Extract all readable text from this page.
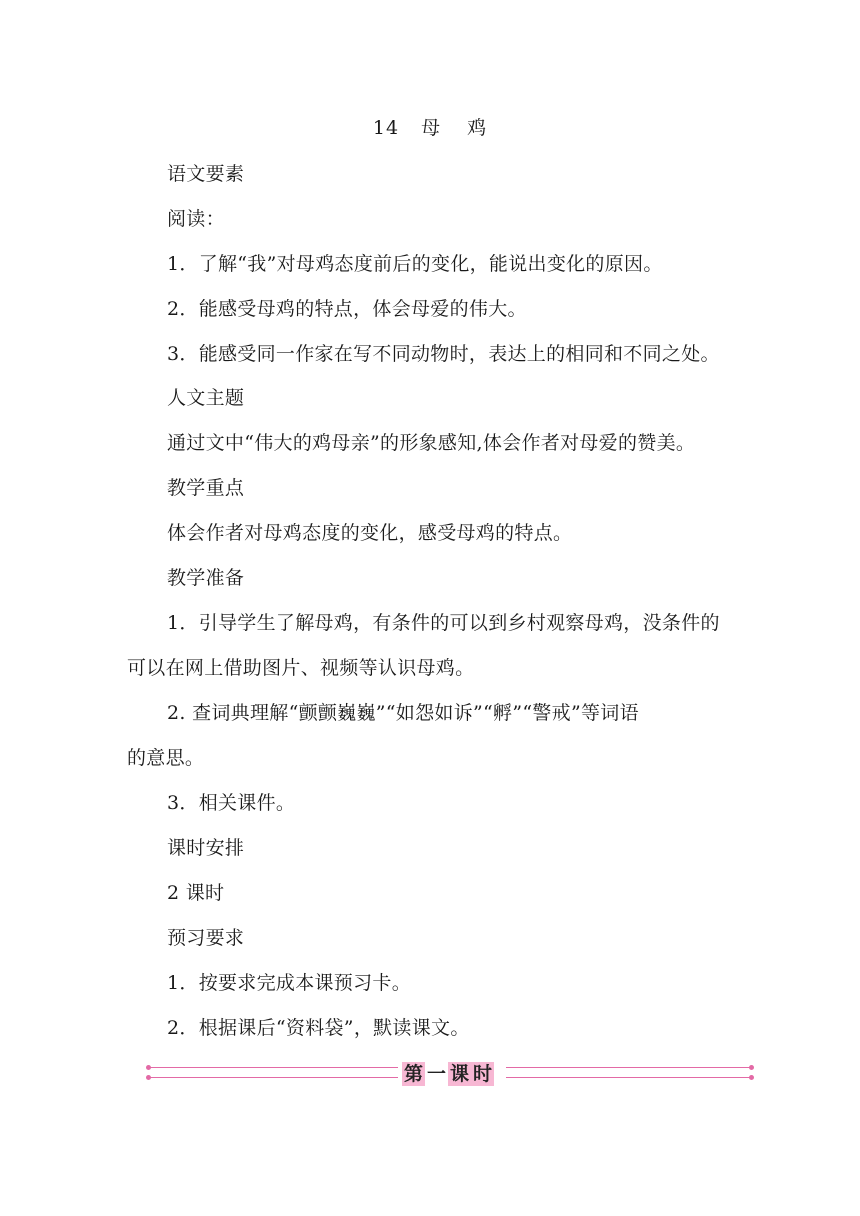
14 母 鸡
语文要素
阅读：
1．了解“我”对母鸡态度前后的变化，能说出变化的原因。
2．能感受母鸡的特点，体会母爱的伟大。
3．能感受同一作家在写不同动物时，表达上的相同和不同之处。
人文主题
通过文中“伟大的鸡母亲”的形象感知,体会作者对母爱的赞美。
教学重点
体会作者对母鸡态度的变化，感受母鸡的特点。
教学准备
1．引导学生了解母鸡，有条件的可以到乡村观察母鸡，没条件的
可以在网上借助图片、视频等认识母鸡。
2. 查词典理解“颤颤巍巍”“如怨如诉”“孵”“警戒”等词语
的意思。
3．相关课件。
课时安排
2 课时
预习要求
1．按要求完成本课预习卡。
2．根据课后“资料袋”，默读课文。
第 一 课 时
